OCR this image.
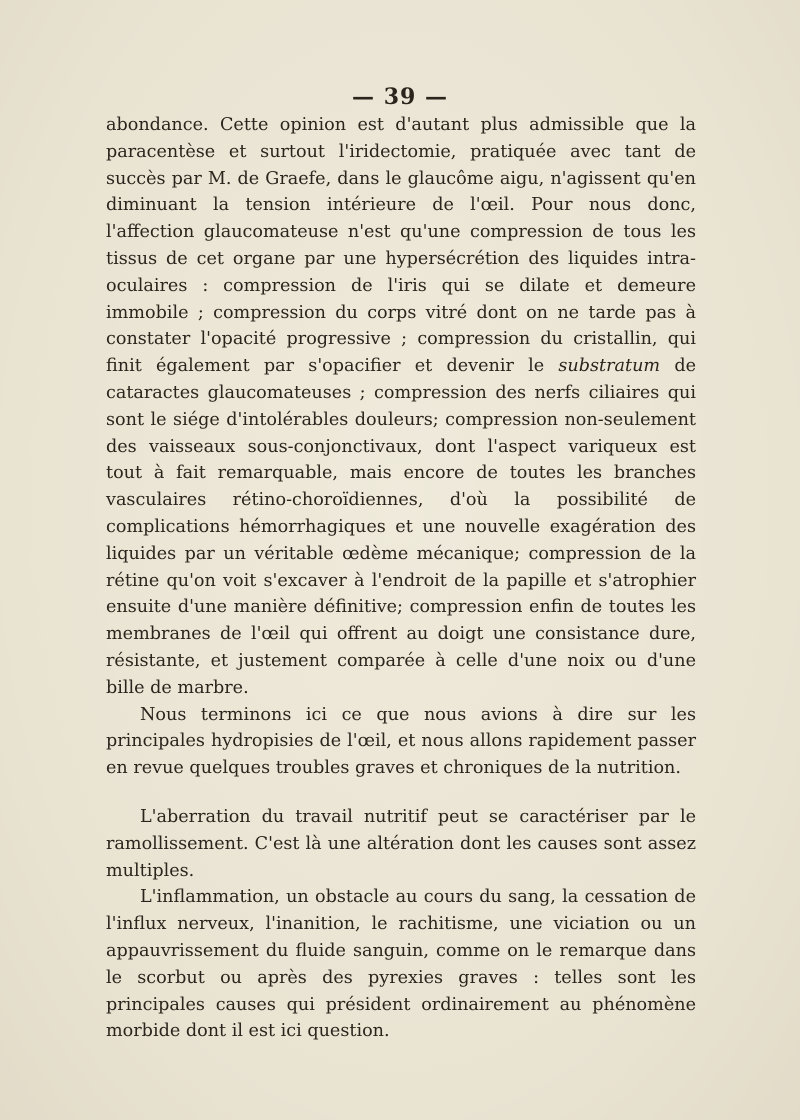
— 39 —

abondance. Cette opinion est d'autant plus admissible que la paracentèse et surtout l'iridectomie, pratiquée avec tant de succès par M. de Graefe, dans le glaucôme aigu, n'agissent qu'en diminuant la tension intérieure de l'œil. Pour nous donc, l'affection glaucomateuse n'est qu'une compression de tous les tissus de cet organe par une hypersécrétion des liquides intra-oculaires : compression de l'iris qui se dilate et demeure immobile ; compression du corps vitré dont on ne tarde pas à constater l'opacité progressive ; compression du cristallin, qui finit également par s'opacifier et devenir le substratum de cataractes glaucomateuses ; compression des nerfs ciliaires qui sont le siége d'intolérables douleurs; compression non-seulement des vaisseaux sous-conjonctivaux, dont l'aspect variqueux est tout à fait remarquable, mais encore de toutes les branches vasculaires rétino-choroïdiennes, d'où la possibilité de complications hémorrhagiques et une nouvelle exagération des liquides par un véritable œdème mécanique; compression de la rétine qu'on voit s'excaver à l'endroit de la papille et s'atrophier ensuite d'une manière définitive; compression enfin de toutes les membranes de l'œil qui offrent au doigt une consistance dure, résistante, et justement comparée à celle d'une noix ou d'une bille de marbre.

Nous terminons ici ce que nous avions à dire sur les principales hydropisies de l'œil, et nous allons rapidement passer en revue quelques troubles graves et chroniques de la nutrition.

L'aberration du travail nutritif peut se caractériser par le ramollissement. C'est là une altération dont les causes sont assez multiples.

L'inflammation, un obstacle au cours du sang, la cessation de l'influx nerveux, l'inanition, le rachitisme, une viciation ou un appauvrissement du fluide sanguin, comme on le remarque dans le scorbut ou après des pyrexies graves : telles sont les principales causes qui président ordinairement au phénomène morbide dont il est ici question.
